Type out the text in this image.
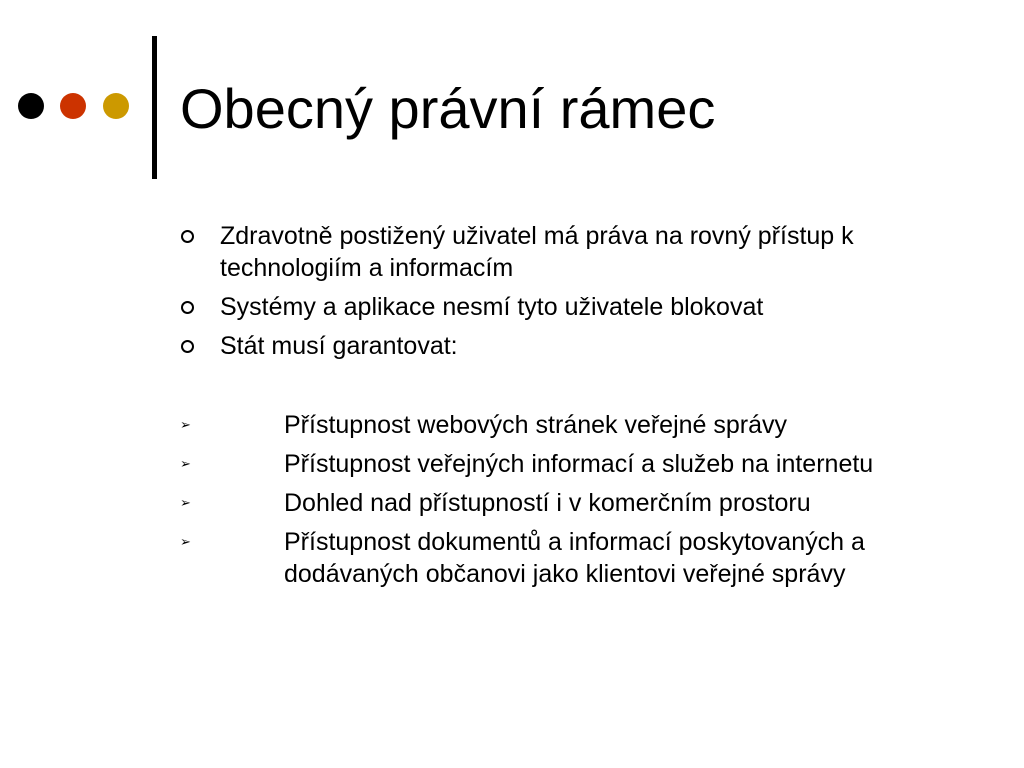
Obecný právní rámec
Zdravotně postižený uživatel má práva na rovný přístup k technologiím a informacím
Systémy a aplikace nesmí tyto uživatele blokovat
Stát musí garantovat:
➢	Přístupnost webových stránek veřejné správy
➢	Přístupnost veřejných informací a služeb na internetu
➢	Dohled nad přístupností i v komerčním prostoru
➢	Přístupnost dokumentů a informací poskytovaných a dodávaných občanovi jako klientovi veřejné správy
